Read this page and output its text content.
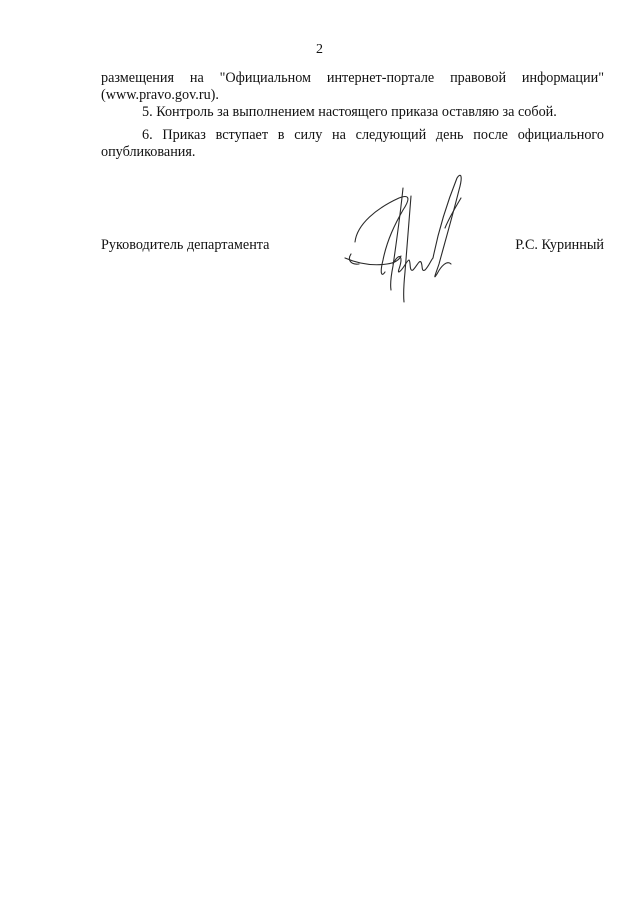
2
размещения на "Официальном интернет-портале правовой информации"
(www.pravo.gov.ru).
5. Контроль за выполнением настоящего приказа оставляю за собой.
6. Приказ вступает в силу на следующий день после официального
опубликования.
Руководитель департамента	Р.С. Куринный
